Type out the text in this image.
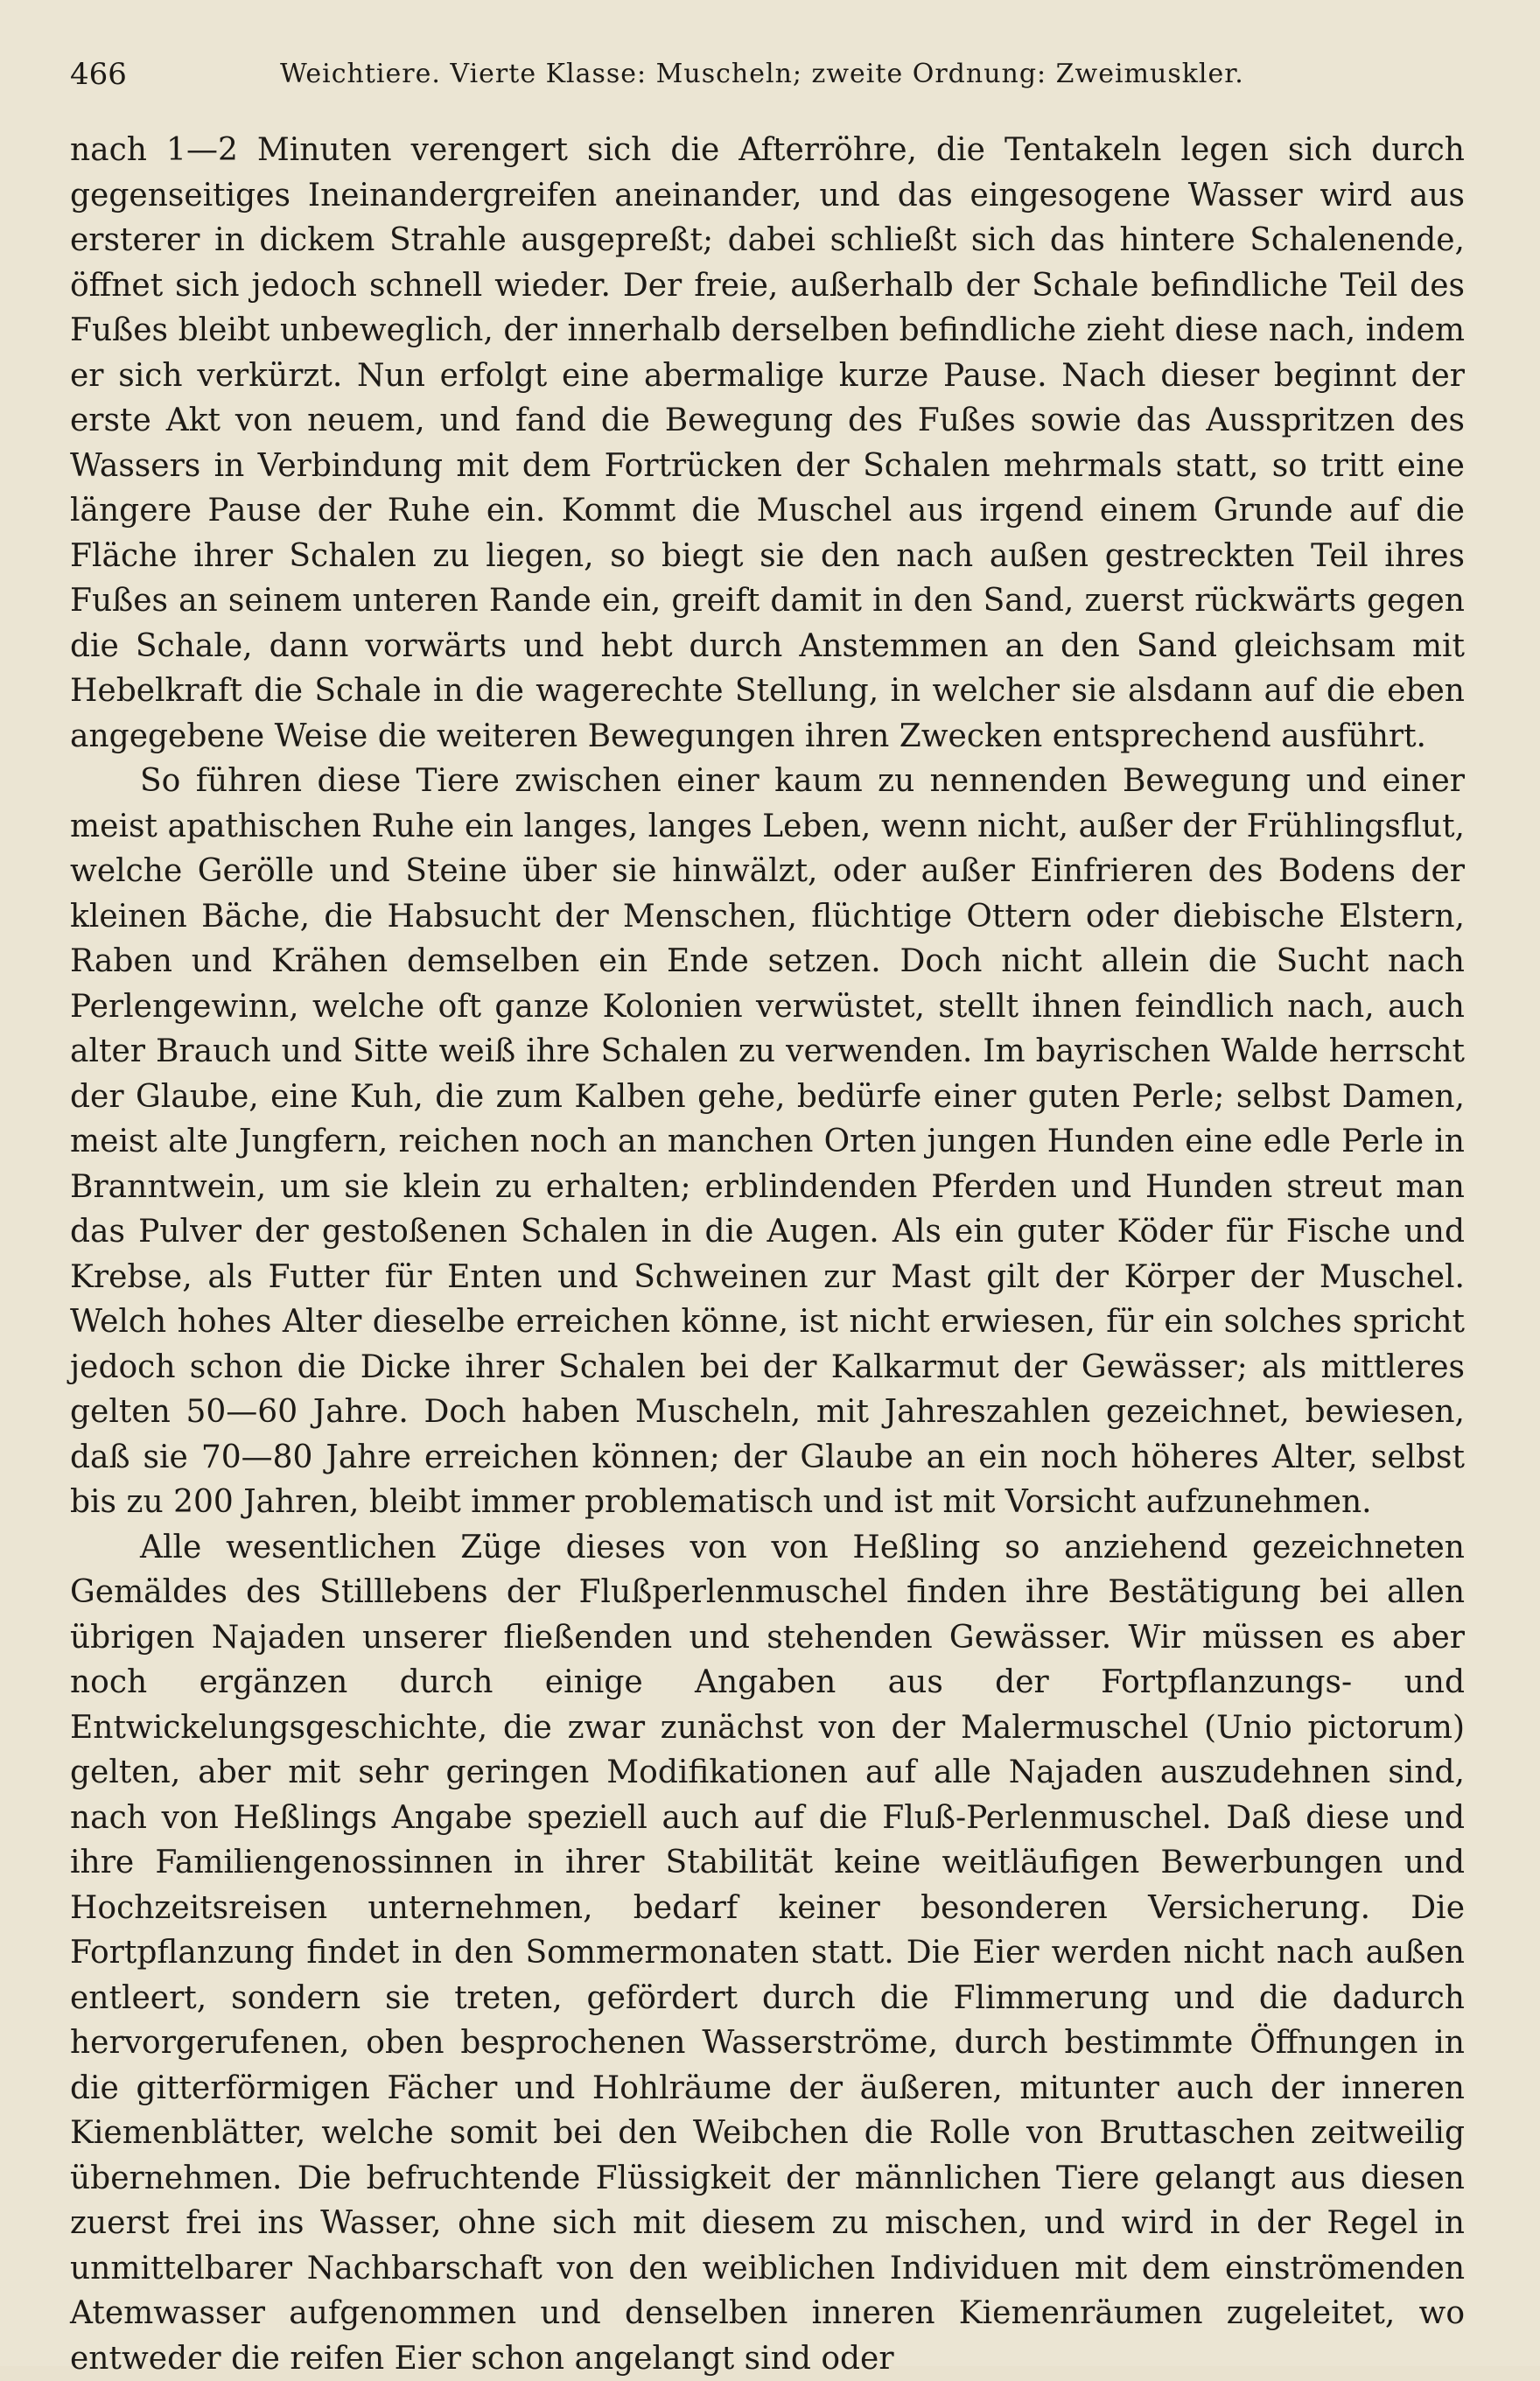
466	Weichtiere. Vierte Klasse: Muscheln; zweite Ordnung: Zweimuskler.

nach 1—2 Minuten verengert sich die Afterröhre, die Tentakeln legen sich durch gegenseitiges Ineinandergreifen aneinander, und das eingesogene Wasser wird aus ersterer in dickem Strahle ausgepreßt; dabei schließt sich das hintere Schalenende, öffnet sich jedoch schnell wieder. Der freie, außerhalb der Schale befindliche Teil des Fußes bleibt unbeweglich, der innerhalb derselben befindliche zieht diese nach, indem er sich verkürzt. Nun erfolgt eine abermalige kurze Pause. Nach dieser beginnt der erste Akt von neuem, und fand die Bewegung des Fußes sowie das Ausspritzen des Wassers in Verbindung mit dem Fortrücken der Schalen mehrmals statt, so tritt eine längere Pause der Ruhe ein. Kommt die Muschel aus irgend einem Grunde auf die Fläche ihrer Schalen zu liegen, so biegt sie den nach außen gestreckten Teil ihres Fußes an seinem unteren Rande ein, greift damit in den Sand, zuerst rückwärts gegen die Schale, dann vorwärts und hebt durch Anstemmen an den Sand gleichsam mit Hebelkraft die Schale in die wagerechte Stellung, in welcher sie alsdann auf die eben angegebene Weise die weiteren Bewegungen ihren Zwecken entsprechend ausführt.

So führen diese Tiere zwischen einer kaum zu nennenden Bewegung und einer meist apathischen Ruhe ein langes, langes Leben, wenn nicht, außer der Frühlingsflut, welche Gerölle und Steine über sie hinwälzt, oder außer Einfrieren des Bodens der kleinen Bäche, die Habsucht der Menschen, flüchtige Ottern oder diebische Elstern, Raben und Krähen demselben ein Ende setzen. Doch nicht allein die Sucht nach Perlengewinn, welche oft ganze Kolonien verwüstet, stellt ihnen feindlich nach, auch alter Brauch und Sitte weiß ihre Schalen zu verwenden. Im bayrischen Walde herrscht der Glaube, eine Kuh, die zum Kalben gehe, bedürfe einer guten Perle; selbst Damen, meist alte Jungfern, reichen noch an manchen Orten jungen Hunden eine edle Perle in Branntwein, um sie klein zu erhalten; erblindenden Pferden und Hunden streut man das Pulver der gestoßenen Schalen in die Augen. Als ein guter Köder für Fische und Krebse, als Futter für Enten und Schweinen zur Mast gilt der Körper der Muschel. Welch hohes Alter dieselbe erreichen könne, ist nicht erwiesen, für ein solches spricht jedoch schon die Dicke ihrer Schalen bei der Kalkarmut der Gewässer; als mittleres gelten 50—60 Jahre. Doch haben Muscheln, mit Jahreszahlen gezeichnet, bewiesen, daß sie 70—80 Jahre erreichen können; der Glaube an ein noch höheres Alter, selbst bis zu 200 Jahren, bleibt immer problematisch und ist mit Vorsicht aufzunehmen.

Alle wesentlichen Züge dieses von von Heßling so anziehend gezeichneten Gemäldes des Stilllebens der Flußperlenmuschel finden ihre Bestätigung bei allen übrigen Najaden unserer fließenden und stehenden Gewässer. Wir müssen es aber noch ergänzen durch einige Angaben aus der Fortpflanzungs- und Entwickelungsgeschichte, die zwar zunächst von der Malermuschel (Unio pictorum) gelten, aber mit sehr geringen Modifikationen auf alle Najaden auszudehnen sind, nach von Heßlings Angabe speziell auch auf die Fluß-Perlenmuschel. Daß diese und ihre Familiengenossinnen in ihrer Stabilität keine weitläufigen Bewerbungen und Hochzeitsreisen unternehmen, bedarf keiner besonderen Versicherung. Die Fortpflanzung findet in den Sommermonaten statt. Die Eier werden nicht nach außen entleert, sondern sie treten, gefördert durch die Flimmerung und die dadurch hervorgerufenen, oben besprochenen Wasserströme, durch bestimmte Öffnungen in die gitterförmigen Fächer und Hohlräume der äußeren, mitunter auch der inneren Kiemenblätter, welche somit bei den Weibchen die Rolle von Bruttaschen zeitweilig übernehmen. Die befruchtende Flüssigkeit der männlichen Tiere gelangt aus diesen zuerst frei ins Wasser, ohne sich mit diesem zu mischen, und wird in der Regel in unmittelbarer Nachbarschaft von den weiblichen Individuen mit dem einströmenden Atemwasser aufgenommen und denselben inneren Kiemenräumen zugeleitet, wo entweder die reifen Eier schon angelangt sind oder
